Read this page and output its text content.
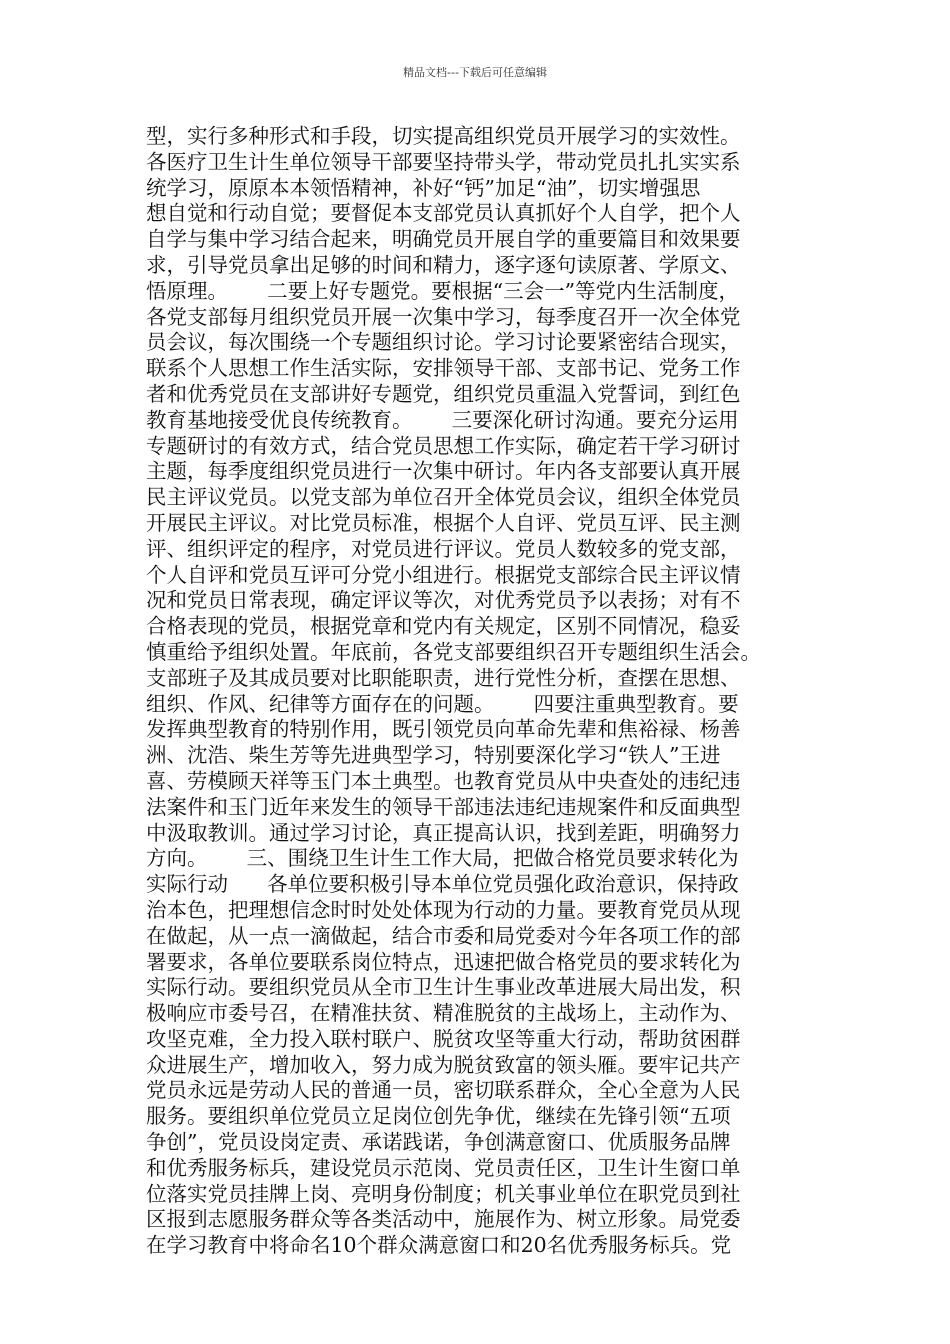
精品文档---下载后可任意编辑
型，实行多种形式和手段，切实提高组织党员开展学习的实效性。
各医疗卫生计生单位领导干部要坚持带头学，带动党员扎扎实实系
统学习，原原本本领悟精神，补好“钙”加足“油”，切实增强思
想自觉和行动自觉；要督促本支部党员认真抓好个人自学，把个人
自学与集中学习结合起来，明确党员开展自学的重要篇目和效果要
求，引导党员拿出足够的时间和精力，逐字逐句读原著、学原文、
悟原理。      二要上好专题党。要根据“三会一”等党内生活制度，
各党支部每月组织党员开展一次集中学习，每季度召开一次全体党
员会议，每次围绕一个专题组织讨论。学习讨论要紧密结合现实，
联系个人思想工作生活实际，安排领导干部、支部书记、党务工作
者和优秀党员在支部讲好专题党，组织党员重温入党誓词，到红色
教育基地接受优良传统教育。      三要深化研讨沟通。要充分运用
专题研讨的有效方式，结合党员思想工作实际，确定若干学习研讨
主题，每季度组织党员进行一次集中研讨。年内各支部要认真开展
民主评议党员。以党支部为单位召开全体党员会议，组织全体党员
开展民主评议。对比党员标准，根据个人自评、党员互评、民主测
评、组织评定的程序，对党员进行评议。党员人数较多的党支部，
个人自评和党员互评可分党小组进行。根据党支部综合民主评议情
况和党员日常表现，确定评议等次，对优秀党员予以表扬；对有不
合格表现的党员，根据党章和党内有关规定，区别不同情况，稳妥
慎重给予组织处置。年底前，各党支部要组织召开专题组织生活会。
支部班子及其成员要对比职能职责，进行党性分析，查摆在思想、
组织、作风、纪律等方面存在的问题。      四要注重典型教育。要
发挥典型教育的特别作用，既引领党员向革命先辈和焦裕禄、杨善
洲、沈浩、柴生芳等先进典型学习，特别要深化学习“铁人”王进
喜、劳模顾天祥等玉门本土典型。也教育党员从中央查处的违纪违
法案件和玉门近年来发生的领导干部违法违纪违规案件和反面典型
中汲取教训。通过学习讨论，真正提高认识，找到差距，明确努力
方向。      三、围绕卫生计生工作大局，把做合格党员要求转化为
实际行动      各单位要积极引导本单位党员强化政治意识，保持政
治本色，把理想信念时时处处体现为行动的力量。要教育党员从现
在做起，从一点一滴做起，结合市委和局党委对今年各项工作的部
署要求，各单位要联系岗位特点，迅速把做合格党员的要求转化为
实际行动。要组织党员从全市卫生计生事业改革进展大局出发，积
极响应市委号召，在精准扶贫、精准脱贫的主战场上，主动作为、
攻坚克难，全力投入联村联户、脱贫攻坚等重大行动，帮助贫困群
众进展生产，增加收入，努力成为脱贫致富的领头雁。要牢记共产
党员永远是劳动人民的普通一员，密切联系群众，全心全意为人民
服务。要组织单位党员立足岗位创先争优，继续在先锋引领“五项
争创”，党员设岗定责、承诺践诺，争创满意窗口、优质服务品牌
和优秀服务标兵，建设党员示范岗、党员责任区，卫生计生窗口单
位落实党员挂牌上岗、亮明身份制度；机关事业单位在职党员到社
区报到志愿服务群众等各类活动中，施展作为、树立形象。局党委
在学习教育中将命名10个群众满意窗口和20名优秀服务标兵。党
